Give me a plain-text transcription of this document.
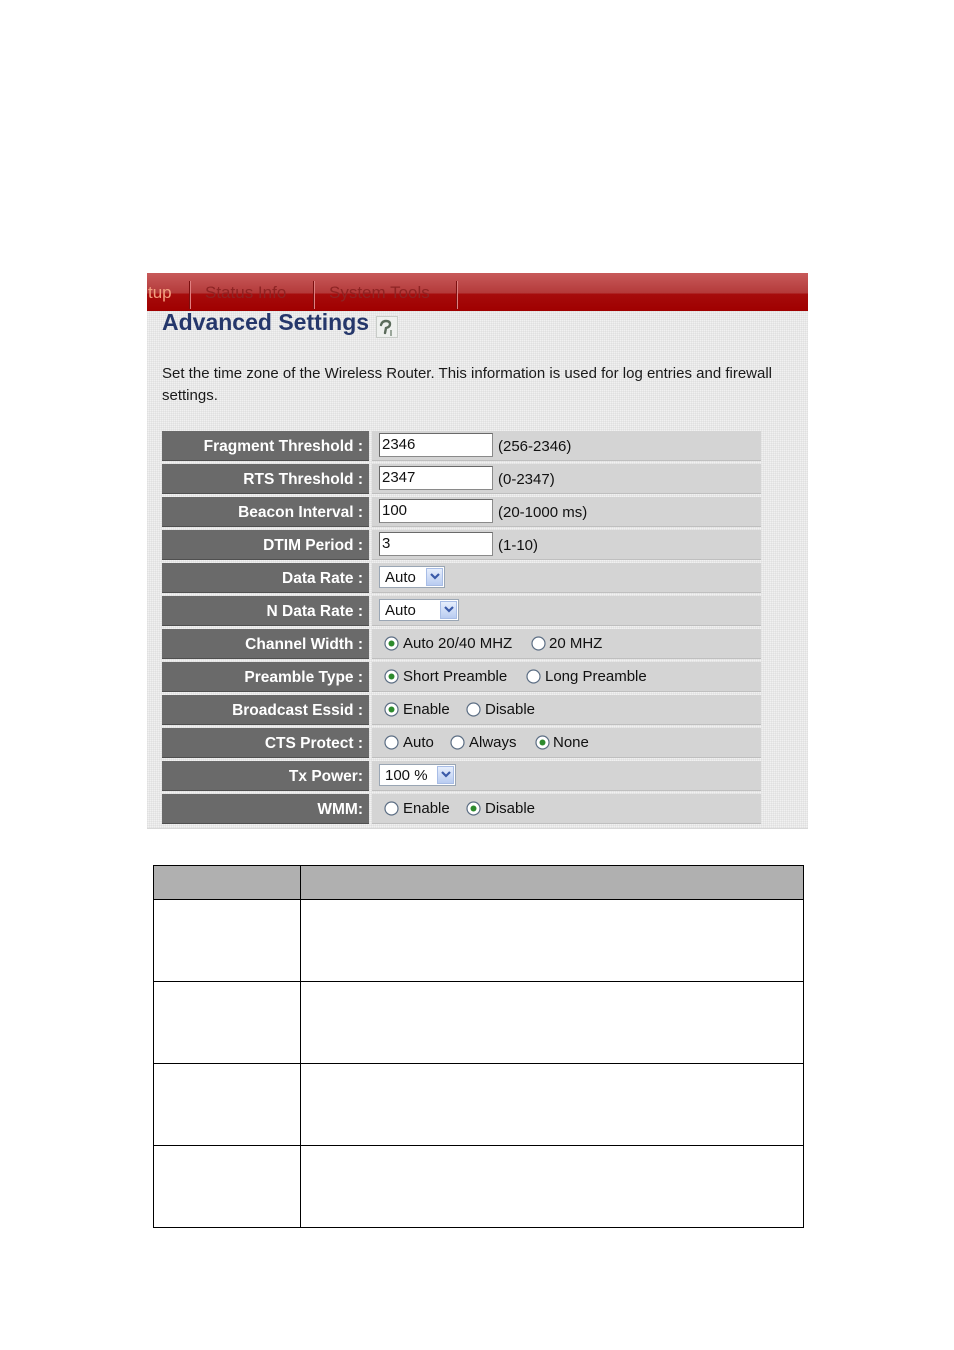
tup Status Info	System Tools
Advanced Settings
Set the time zone of the Wireless Router. This information is used for log entries and firewall settings.
Fragment Threshold :	2346	(256-2346)
RTS Threshold :	2347	(0-2347)
Beacon Interval :	100	(20-1000 ms)
DTIM Period :	3	(1-10)
Data Rate :	Auto
N Data Rate :	Auto
Channel Width :	Auto 20/40 MHZ 20 MHZ
Preamble Type :	Short Preamble	Long Preamble
Broadcast Essid :	Enable Disable
CTS Protect :	Auto Always None
Tx Power:	100 %
WMM:	Enable Disable
